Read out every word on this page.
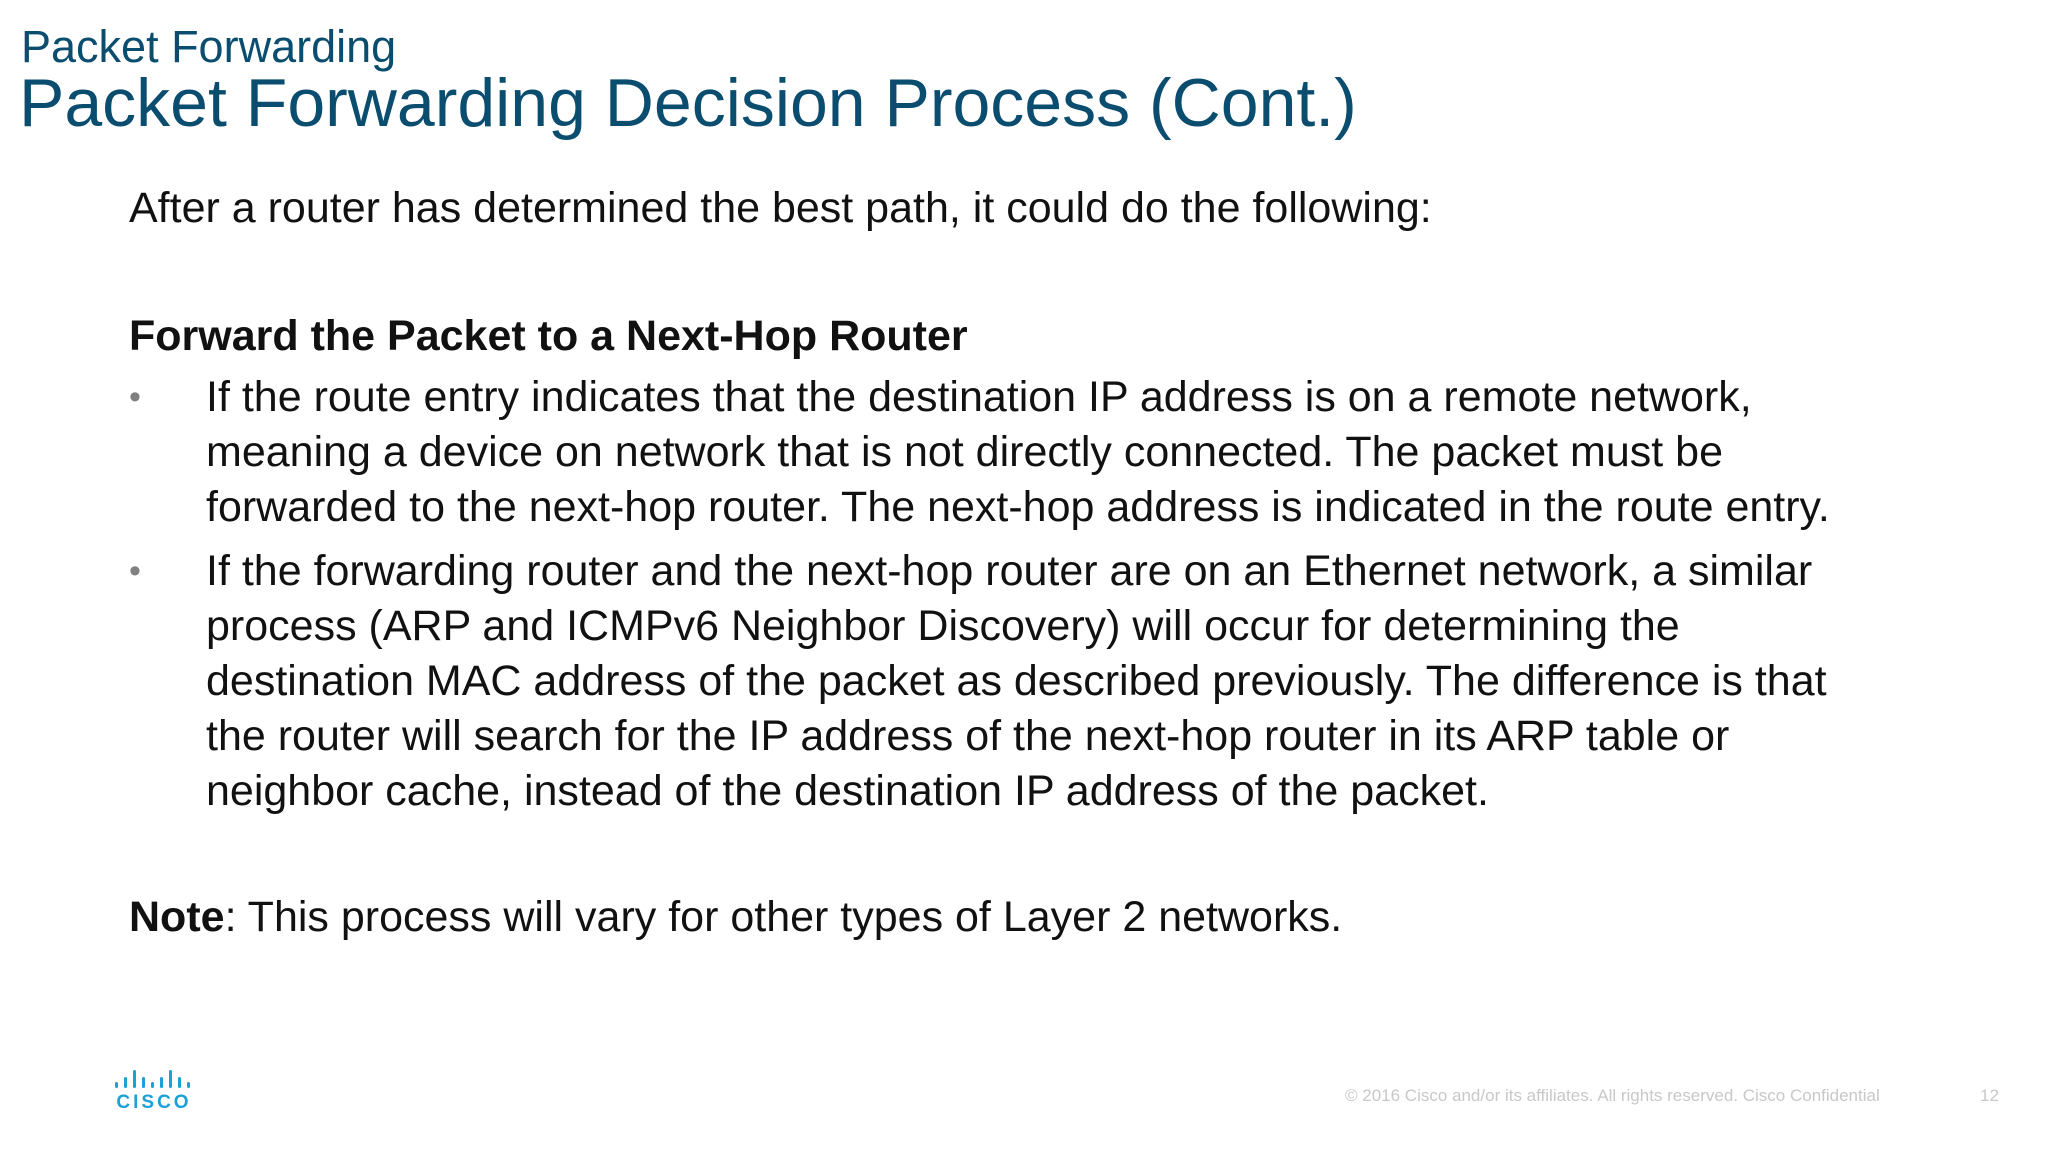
Packet Forwarding
Packet Forwarding Decision Process (Cont.)

After a router has determined the best path, it could do the following:

Forward the Packet to a Next-Hop Router
• If the route entry indicates that the destination IP address is on a remote network,
meaning a device on network that is not directly connected. The packet must be
forwarded to the next-hop router. The next-hop address is indicated in the route entry.
• If the forwarding router and the next-hop router are on an Ethernet network, a similar
process (ARP and ICMPv6 Neighbor Discovery) will occur for determining the
destination MAC address of the packet as described previously. The difference is that
the router will search for the IP address of the next-hop router in its ARP table or
neighbor cache, instead of the destination IP address of the packet.

Note: This process will vary for other types of Layer 2 networks.

CISCO	© 2016 Cisco and/or its affiliates. All rights reserved. Cisco Confidential	12
